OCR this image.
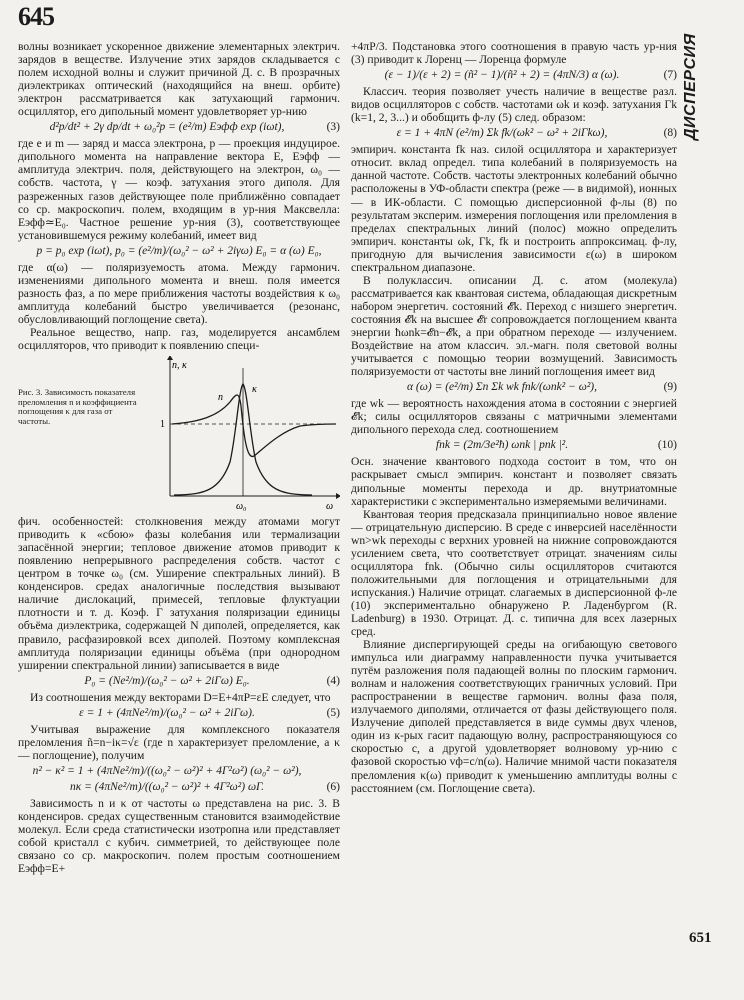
645
ДИСПЕРСИЯ

волны возникает ускоренное движение элементарных электрич. зарядов в веществе. Излучение этих зарядов складывается с полем исходной волны и служит причиной Д. с. В прозрачных диэлектриках оптический (находящийся на внеш. орбите) электрон рассматривается как затухающий гармонич. осциллятор, его дипольный момент удовлетворяет ур-нию

d²p/dt² + 2γ dp/dt + ω₀²p = (e²/m) Eэфф exp (iωt),	(3)

где e и m — заряд и масса электрона, p — проекция индуцирое. дипольного момента на направление вектора E, Eэфф — амплитуда электрич. поля, действующего на электрон, ω₀ — собств. частота, γ — коэф. затухания этого диполя. Для разреженных газов действующее поле приближённо совпадает со ср. макроскопич. полем, входящим в ур-ния Максвелла: Eэфф≃E₀. Частное решение ур-ния (3), соответствующее установившемуся режиму колебаний, имеет вид

p = p₀ exp (iωt), p₀ = (e²/m)/(ω₀² − ω² + 2iγω) E₀ = α (ω) E₀,

где α(ω) — поляризуемость атома. Между гармонич. изменениями дипольного момента и внеш. поля имеется разность фаз, а по мере приближения частоты воздействия к ω₀ амплитуда колебаний быстро увеличивается (резонанс, обусловливающий поглощение света).

Реальное вещество, напр. газ, моделируется ансамблем осцилляторов, что приводит к появлению специ-

Рис. 3. Зависимость показателя преломления n и коэффициента поглощения κ для газа от частоты.
n, κ
1
n
κ
ω₀	ω

фич. особенностей: столкновения между атомами могут приводить к «сбою» фазы колебания или термализации запасённой энергии; тепловое движение атомов приводит к появлению непрерывного распределения собств. частот с центром в точке ω₀ (см. Уширение спектральных линий). В конденсиров. средах аналогичные последствия вызывают наличие дислокаций, примесей, тепловые флуктуации плотности и т. д. Коэф. Г затухания поляризации единицы объёма диэлектрика, содержащей N диполей, определяется, как правило, расфазировкой всех диполей. Поэтому комплексная амплитуда поляризации единицы объёма (при однородном уширении спектральной линии) записывается в виде

P₀ = (Ne²/m)/(ω₀² − ω² + 2iΓω) E₀.	(4)

Из соотношения между векторами D=E+4πP=εE следует, что

ε = 1 + (4πNe²/m)/(ω₀² − ω² + 2iΓω).	(5)

Учитывая выражение для комплексного показателя преломления ñ=n−iκ=√ε (где n характеризует преломление, а κ — поглощение), получим

n² − κ² = 1 + (4πNe²/m)/((ω₀² − ω²)² + 4Γ²ω²) (ω₀² − ω²),
nκ = (4πNe²/m)/((ω₀² − ω²)² + 4Γ²ω²) ωΓ.	(6)

Зависимость n и κ от частоты ω представлена на рис. 3. В конденсиров. средах существенным становится взаимодействие молекул. Если среда статистически изотропна или представляет собой кристалл с кубич. симметрией, то действующее поле связано со ср. макроскопич. полем простым соотношением Eэфф=E+

+4πP/3. Подстановка этого соотношения в правую часть ур-ния (3) приводит к Лоренц — Лоренца формуле

(ε − 1)/(ε + 2) = (ñ² − 1)/(ñ² + 2) = (4πN/3) α (ω).	(7)

Классич. теория позволяет учесть наличие в веществе разл. видов осцилляторов с собств. частотами ωk и коэф. затухания Гk (k=1, 2, 3...) и обобщить ф-лу (5) след. образом:

ε = 1 + 4πN (e²/m) Σk fk/(ωk² − ω² + 2iГkω),	(8)

эмпирич. константа fk наз. силой осциллятора и характеризует относит. вклад определ. типа колебаний в поляризуемость на данной частоте. Собств. частоты электронных колебаний обычно расположены в УФ-области спектра (реже — в видимой), ионных — в ИК-области. С помощью дисперсионной ф-лы (8) по результатам эксперим. измерения поглощения или преломления в пределах спектральных линий (полос) можно определить эмпирич. константы ωk, Гk, fk и построить аппроксимац. ф-лу, пригодную для вычисления зависимости ε(ω) в широком спектральном диапазоне.

В полуклассич. описании Д. с. атом (молекула) рассматривается как квантовая система, обладающая дискретным набором энергетич. состояний 𝓔k. Переход с низшего энергетич. состояния 𝓔k на высшее 𝓔r сопровождается поглощением кванта энергии ħωnk=𝓔n−𝓔k, а при обратном переходе — излучением. Воздействие на атом классич. эл.-магн. поля световой волны учитывается с помощью теории возмущений. Зависимость поляризуемости от частоты вне линий поглощения имеет вид

α (ω) = (e²/m) Σn Σk wk fnk/(ωnk² − ω²),	(9)

где wk — вероятность нахождения атома в состоянии с энергией 𝓔k; силы осцилляторов связаны с матричными элементами дипольного перехода след. соотношением

fnk = (2m/3e²ħ) ωnk | pnk |².	(10)

Осн. значение квантового подхода состоит в том, что он раскрывает смысл эмпирич. констант и позволяет связать дипольные моменты перехода и др. внутриатомные характеристики с экспериментально измеряемыми величинами.

Квантовая теория предсказала принципиально новое явление — отрицательную дисперсию. В среде с инверсией населённости wn>wk переходы с верхних уровней на нижние сопровождаются усилением света, что соответствует отрицат. значениям силы осциллятора fnk. (Обычно силы осцилляторов считаются положительными для поглощения и отрицательными для испускания.) Наличие отрицат. слагаемых в дисперсионной ф-ле (10) экспериментально обнаружено Р. Ладенбургом (R. Ladenburg) в 1930. Отрицат. Д. с. типична для всех лазерных сред.

Влияние диспергирующей среды на огибающую светового импульса или диаграмму направленности пучка учитывается путём разложения поля падающей волны по плоским гармонич. волнам и наложения соответствующих граничных условий. При распространении в веществе гармонич. волны фаза поля, излучаемого диполями, отличается от фазы действующего поля. Излучение диполей представляется в виде суммы двух членов, один из к-рых гасит падающую волну, распространяющуюся со скоростью c, а другой удовлетворяет волновому ур-нию с фазовой скоростью vф=c/n(ω). Наличие мнимой части показателя преломления κ(ω) приводит к уменьшению амплитуды волны с расстоянием (см. Поглощение света).

651
